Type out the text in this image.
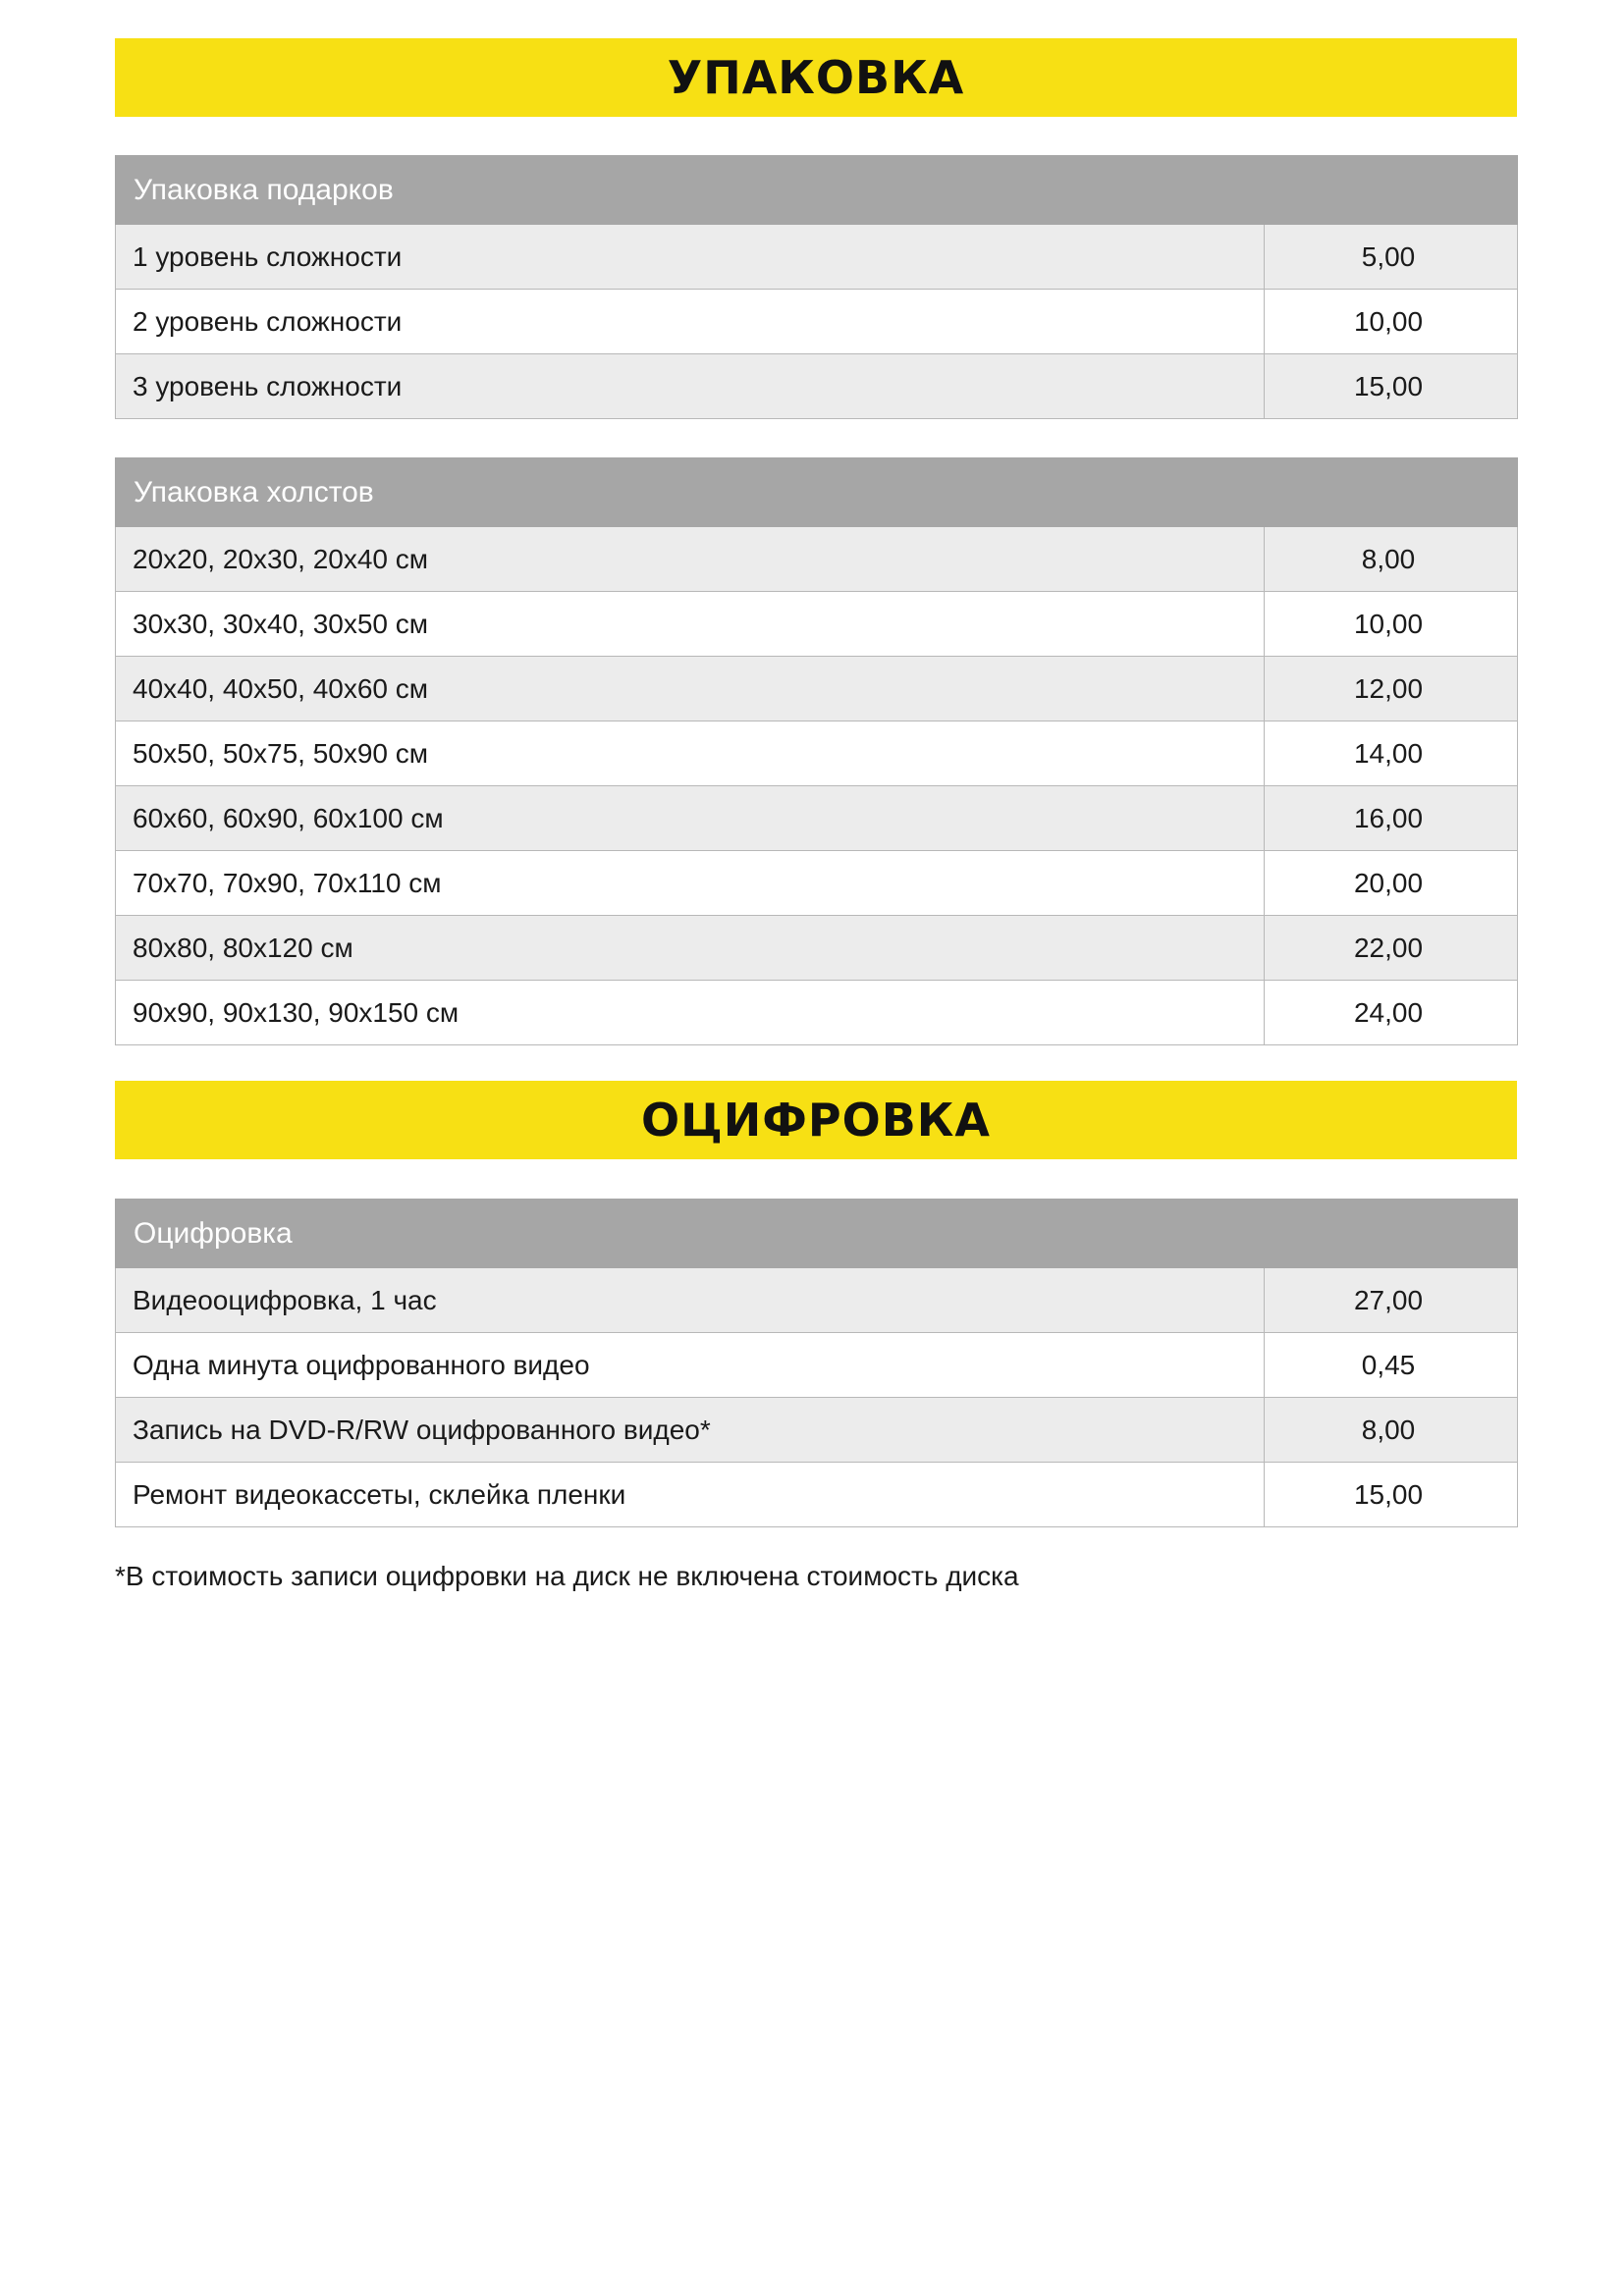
УПАКОВКА
Упаковка подарков	
1 уровень сложности	5,00
2 уровень сложности	10,00
3 уровень сложности	15,00
Упаковка холстов	
20х20, 20х30, 20х40 см	8,00
30х30, 30х40, 30х50 см	10,00
40х40, 40х50, 40х60 см	12,00
50х50, 50х75, 50х90 см	14,00
60х60, 60х90, 60х100 см	16,00
70х70, 70х90, 70х110 см	20,00
80х80, 80х120 см	22,00
90х90, 90х130, 90х150 см	24,00
ОЦИФРОВКА
Оцифровка	
Видеооцифровка, 1 час	27,00
Одна минута оцифрованного видео	0,45
Запись на DVD-R/RW оцифрованного видео*	8,00
Ремонт видеокассеты, склейка пленки	15,00
*В стоимость записи оцифровки на диск не включена стоимость диска
